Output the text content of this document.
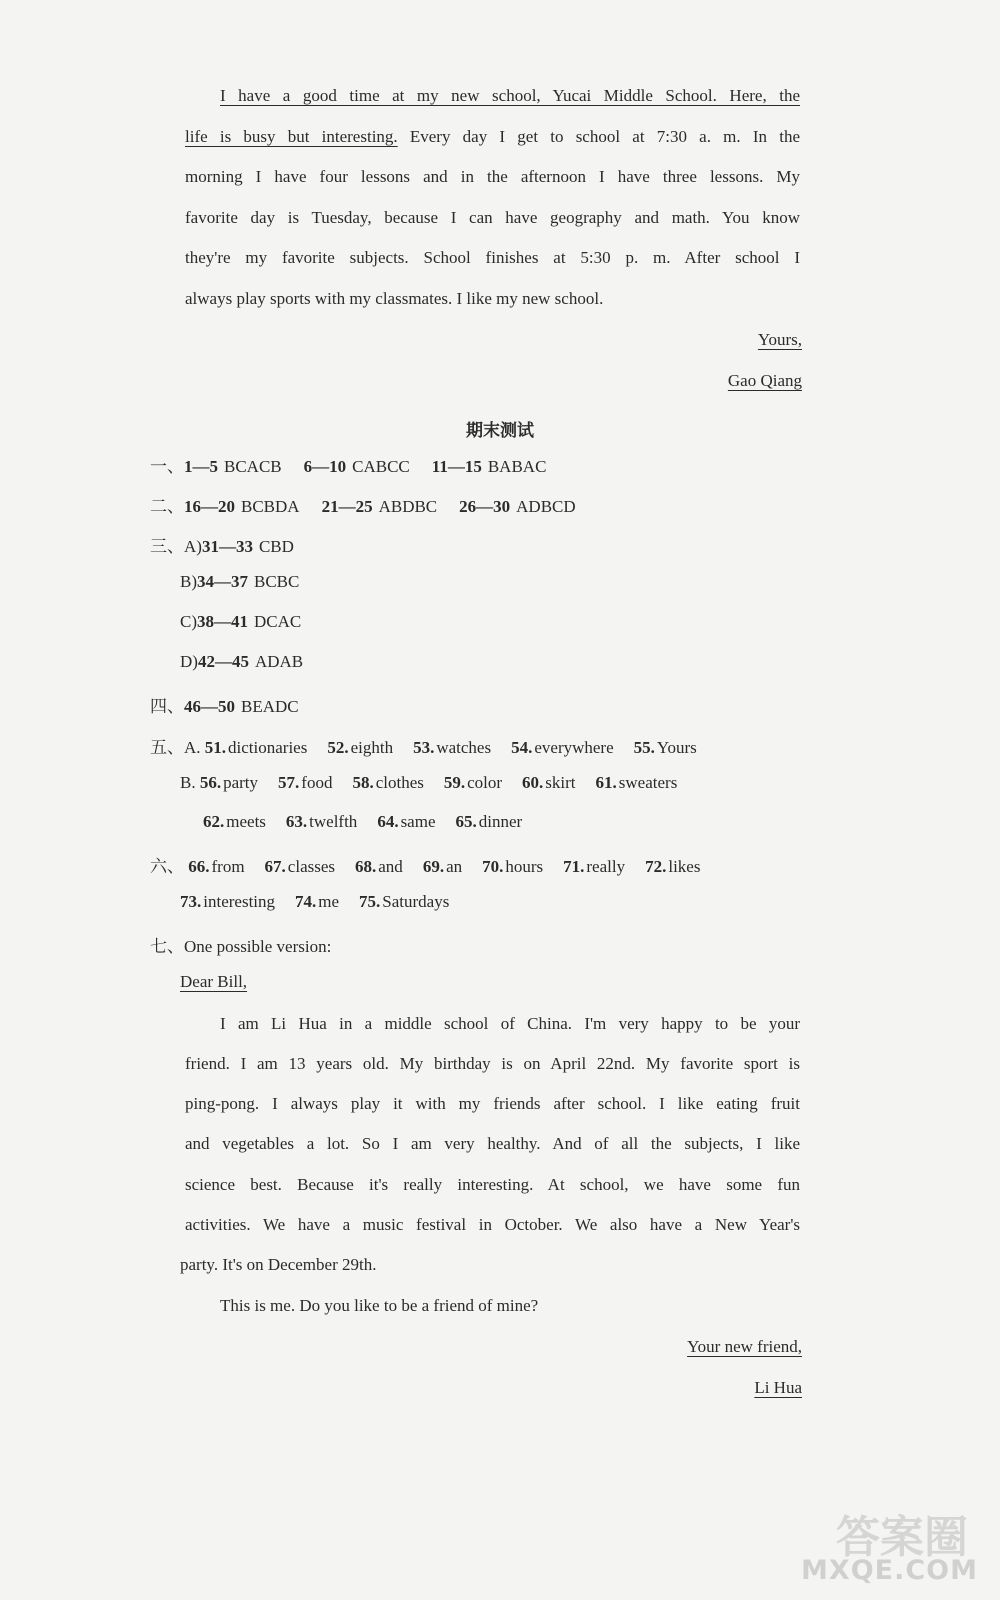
I have a good time at my new school, Yucai Middle School. Here, the
life is busy but interesting. Every day I get to school at 7:30 a. m. In the
morning I have four lessons and in the afternoon I have three lessons. My
favorite day is Tuesday, because I can have geography and math. You know
they're my favorite subjects. School finishes at 5:30 p. m. After school I
always play sports with my classmates. I like my new school.
Yours,
Gao Qiang
期末测试
一、1—5 BCACB 6—10 CABCC 11—15 BABAC
二、16—20 BCBDA 21—25 ABDBC 26—30 ADBCD
三、A)31—33 CBD
B)34—37 BCBC
C)38—41 DCAC
D)42—45 ADAB
四、46—50 BEADC
五、A. 51. dictionaries 52. eighth 53. watches 54. everywhere 55. Yours
B. 56. party 57. food 58. clothes 59. color 60. skirt 61. sweaters
62. meets 63. twelfth 64. same 65. dinner
六、 66. from 67. classes 68. and 69. an 70. hours 71. really 72. likes
73. interesting 74. me 75. Saturdays
七、One possible version:
Dear Bill,
I am Li Hua in a middle school of China. I'm very happy to be your
friend. I am 13 years old. My birthday is on April 22nd. My favorite sport is
ping-pong. I always play it with my friends after school. I like eating fruit
and vegetables a lot. So I am very healthy. And of all the subjects, I like
science best. Because it's really interesting. At school, we have some fun
activities. We have a music festival in October. We also have a New Year's
party. It's on December 29th.
This is me. Do you like to be a friend of mine?
Your new friend,
Li Hua
答案圈
MXQE.COM
